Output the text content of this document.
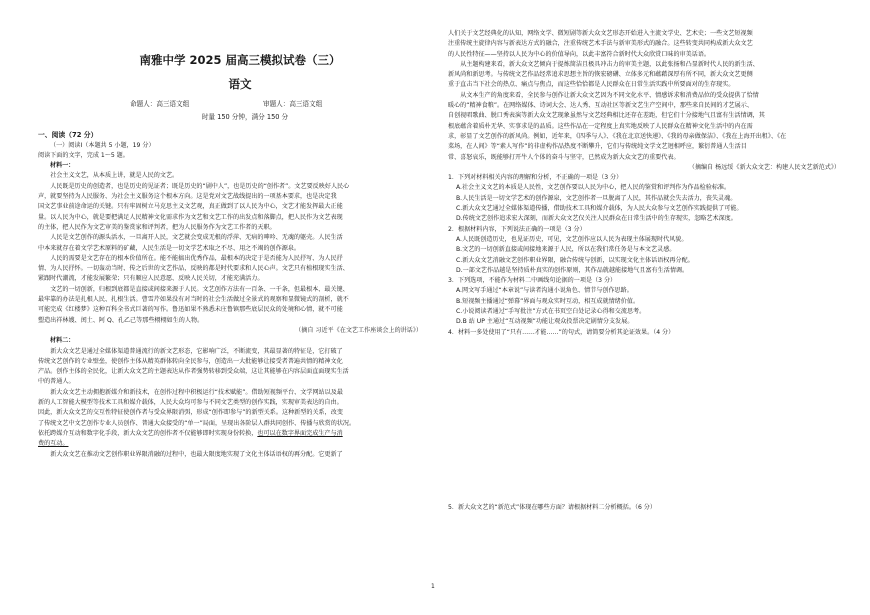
南雅中学 2025 届高三模拟试卷（三）
语文
命题人：高三语文组	审题人：高三语文组
时量 150 分钟，满分 150 分
一、阅读（72 分）

（一）阅读Ⅰ（本题共 5 小题，19 分）

阅读下面的文字，完成 1～5 题。

材料一：

社会主义文艺，从本质上讲，就是人民的文艺。

人民既是历史的创造者，也是历史的见证者；既是历史的“剧中人”，也是历史的“创作者”。文艺要反映好人民心

声，就要坚持为人民服务、为社会主义服务这个根本方向。这是党对文艺战线提出的一项基本要求，也是决定我

国文艺事业前途命运的关键。只有牢固树立马克思主义文艺观，真正做到了以人民为中心，文艺才能发挥最大正能

量。以人民为中心，就是要把满足人民精神文化需求作为文艺和文艺工作的出发点和落脚点，把人民作为文艺表现

的主体，把人民作为文艺审美的鉴赏家和评判者，把为人民服务作为文艺工作者的天职。

人民是文艺创作的源头活水，一旦离开人民，文艺就会变成无根的浮萍、无病的呻吟、无魂的躯壳。人民生活

中本来就存在着文学艺术原料的矿藏，人民生活是一切文学艺术取之不尽、用之不竭的创作源泉。

人民的需要是文艺存在的根本价值所在。能不能搞出优秀作品，最根本的决定于是否能为人民抒写、为人民抒

情、为人民抒怀。一切轰动当时、传之后世的文艺作品，反映的都是时代要求和人民心声。文艺只有植根现实生活、

紧跟时代潮流，才能发展繁荣；只有顺应人民意愿、反映人民关切，才能充满活力。

文艺的一切创新，归根到底都是直接或间接来源于人民。文艺创作方法有一百条、一千条，但最根本、最关键、

最牢靠的办法是扎根人民、扎根生活。曹雪芹如果没有对当时的社会生活做过全景式的观察和显微镜式的剖析，就不

可能完成《红楼梦》这种百科全书式巨著的写作。鲁迅如果不熟悉未庄鲁镇那些底层民众的处境和心情，就不可能

塑造出祥林嫂、闰土、阿 Q、孔乙己等那些栩栩如生的人物。

（摘自 习近平《在文艺工作座谈会上的讲话》）

材料二：

新大众文艺是通过全媒体渠道普通流行的新文艺形态，它影响广泛，不断流变，其最显著的特征是，它打破了

传统文艺创作的专业壁垒，使创作主体从精英群体转向全民参与，创造出一大批能够让接受者普遍共情的精神文化

产品。创作主体的全民化，让新大众文艺的主题表达从作者强势转移到受众端，这让其能够在内容层面直面现实生活

中的普通人。

新大众文艺主动拥抱新媒介和新技术，在创作过程中积极运行“技术赋能”。借助短视频平台、文学网站以及最

新的人工智能大模型等技术工具和媒介载体，人民大众均可参与不同文艺类型的创作实践，实现审美表达的自由。

因此，新大众文艺的交互性特征使创作者与受众界限消弭，形成“创作即参与”的新型关系。这种新型的关系，改变

了传统文艺中文艺创作专业人员创作、普通大众接受的“单一”局面，呈现出各阶层人群共同创作、传播与欣赏的状况。

依托跨媒介互动和数字化手段，新大众文艺的创作者不仅能够即时实现身份转换，也可以在数字界面完成生产与消

费的互动。

新大众文艺在推动文艺创作职业界限消融的过程中，也最大限度地实现了文化主体话语权的再分配。它更新了

人们关于文艺经典化的认知，网络文学、微短剧等新大众文艺形态开始进入主流文学史、艺术史；一些文艺短视频

注重传统主旋律内容与新表达方式的融合，注重传统艺术手法与新审美形式的融合。这些转变共同构成新大众文艺

的人民性特征——坚持以人民为中心的价值导向，以此丰富符合新时代大众欣赏口味的审美话语。

从主题构建来看，新大众文艺倾向于提炼简洁且极具冲击力的审美主题，以此张扬和凸显新时代人民的新生活、

新风尚和新思考。与传统文艺作品经常追求思想主旨的恢宏磅礴、立体多元和蕴藉深厚有所不同，新大众文艺更侧

重于直击当下社会的热点、痛点与焦点，而这些恰恰都是人民群众在日常生活实践中所要面对的生存现实。

从文本生产的角度来看，全民参与创作让新大众文艺因为不同文化水平、情感诉求和消费品位的受众提供了恰情

暖心的“精神食粮”。在网络媒体、诗词大会、达人秀、互动社区等新文艺生产空间中，那些来自民间的才艺展示、

自创视唱歌曲、脱口秀表演等新大众文艺现象虽然与文艺经典相比还存在差距，但它们十分接地气且富有生活情调，其

根底蕴含着质朴无华、实事求是的品质。这些作品在一定程度上真实地反映了人民群众在精神文化生活中的内在需

求，彰显了文艺创作的新风尚。例如，近年来，《四季与人》、《我在北京送快递》、《我的母亲做保洁》、《我在上海开出租》、《在

菜场，在人间》等“素人写作”的非虚构作品热度不断攀升，它们与传统纯文学文艺迥相呼应，繁衍普通人生活目

常、喜怒哀乐，既能够打开牛人个体的奋斗与坚守，已然成为新大众文艺的重要代表。

（摘编自 杨远绥《新大众文艺：构建人民文艺新范式》）

1．下列对材料相关内容的理解和分析，不正确的一项是（3 分）

A.社会主义文艺的本质是人民性，文艺创作要以人民为中心，把人民的鉴赏和评判作为作品检验标准。

B.人民生活是一切文学艺术的创作源泉，文艺创作者一旦脱离了人民，其作品就会失去活力，丧失灵魂。

C.新大众文艺通过全媒体渠道传播，借助技术工具和媒介载体，为人民大众参与文艺创作实践提供了可能。

D.传统文艺创作追求宏大深刻，而新大众文艺仅关注人民群众在日常生活中的生存现实，忽略艺术深度。

2．根据材料内容，下列说法正确的一项是（3 分）

A.人民既创造历史，也见证历史，可见，文艺创作应以人民为表现主体展现时代风貌。

B.文艺的一切创新直接或间接地来源于人民，所以在我们常任务是与本文艺灵感。

C.新大众文艺消融文艺创作职业界限，融合传统与创新，以实现文化主体话语权再分配。

D.一部文艺作品越是坚持质朴真实的创作原则，其作品就越能接地气且富有生活情调。

3．下列选项，不能作为材料二中画线句论据的一项是（3 分）

A.网文写手通过“本章说”与读者沟通小说角色、情节与创作思路。

B.短视频主播通过“弹幕”界面与观众实时互动，相互成就情绪价值。

C.小说阅读者通过“手写批注”方式在书页空白处记录心得和交流思考。

D.B 站 UP 主通过“互动视频”功能让观众投票决定剧情分支发展。

4．材料一多处使用了“只有……才能……”的句式，请简要分析其论证效果。（4 分）

5．新大众文艺的“新范式”体现在哪些方面？请根据材料二分析概括。（6 分）

1
